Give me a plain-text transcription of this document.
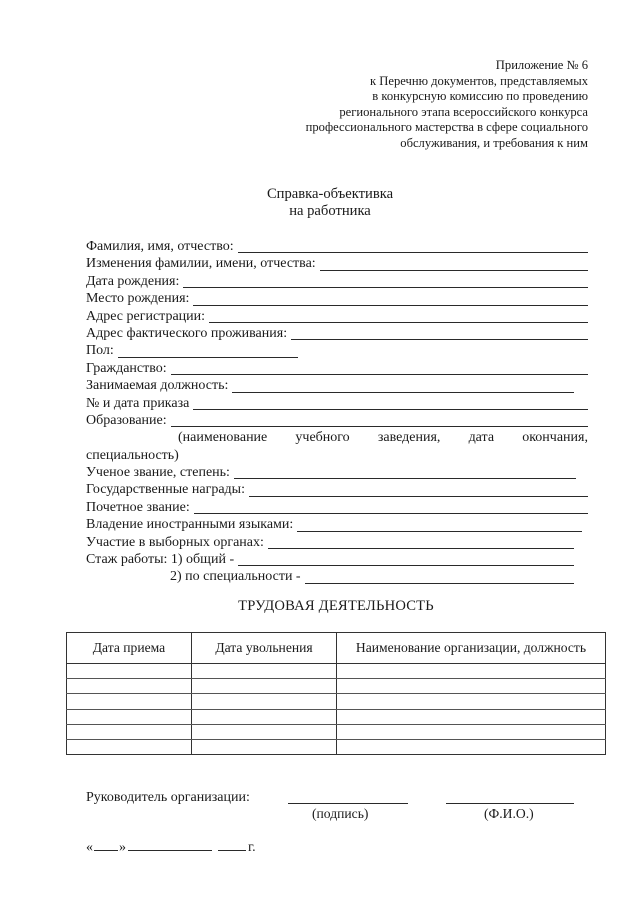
Приложение № 6
к Перечню документов, представляемых
в конкурсную комиссию по проведению
регионального этапа всероссийского конкурса
профессионального мастерства в сфере социального
обслуживания, и требования к ним
Справка-объективка
на работника
Фамилия, имя, отчество:
Изменения фамилии, имени, отчества:
Дата рождения:
Место рождения:
Адрес регистрации:
Адрес фактического проживания:
Пол:
Гражданство:
Занимаемая должность:
№ и дата приказа
Образование:
(наименование учебного заведения, дата окончания,
специальность)
Ученое звание, степень:
Государственные награды:
Почетное звание:
Владение иностранными языками:
Участие в выборных органах:
Стаж работы: 1) общий -
2) по специальности -
ТРУДОВАЯ ДЕЯТЕЛЬНОСТЬ
Дата приема	Дата увольнения	Наименование организации, должность

Руководитель организации:
(подпись)	(Ф.И.О.)
« »	г.
